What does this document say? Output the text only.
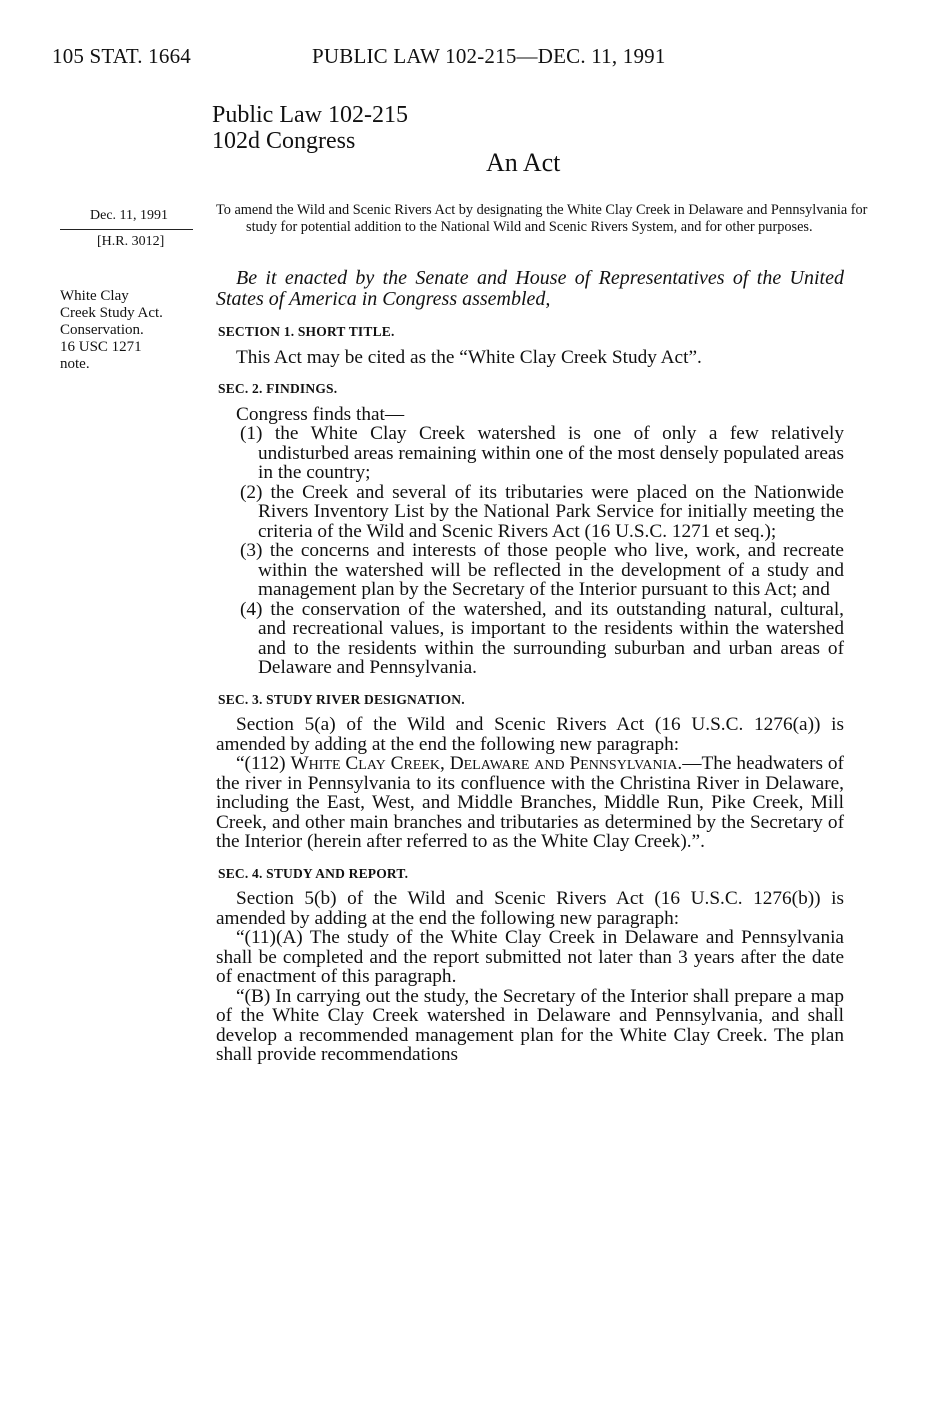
105 STAT. 1664	PUBLIC LAW 102-215—DEC. 11, 1991
Public Law 102-215
102d Congress
An Act
Dec. 11, 1991
[H.R. 3012]
White Clay
Creek Study Act.
Conservation.
16 USC 1271
note.
To amend the Wild and Scenic Rivers Act by designating the White Clay Creek in Delaware and Pennsylvania for study for potential addition to the National Wild and Scenic Rivers System, and for other purposes.

Be it enacted by the Senate and House of Representatives of the United States of America in Congress assembled,

SECTION 1. SHORT TITLE.

This Act may be cited as the “White Clay Creek Study Act”.

SEC. 2. FINDINGS.

Congress finds that—

(1) the White Clay Creek watershed is one of only a few relatively undisturbed areas remaining within one of the most densely populated areas in the country;

(2) the Creek and several of its tributaries were placed on the Nationwide Rivers Inventory List by the National Park Service for initially meeting the criteria of the Wild and Scenic Rivers Act (16 U.S.C. 1271 et seq.);

(3) the concerns and interests of those people who live, work, and recreate within the watershed will be reflected in the development of a study and management plan by the Secretary of the Interior pursuant to this Act; and

(4) the conservation of the watershed, and its outstanding natural, cultural, and recreational values, is important to the residents within the watershed and to the residents within the surrounding suburban and urban areas of Delaware and Pennsylvania.

SEC. 3. STUDY RIVER DESIGNATION.

Section 5(a) of the Wild and Scenic Rivers Act (16 U.S.C. 1276(a)) is amended by adding at the end the following new paragraph:

“(112) White Clay Creek, Delaware and Pennsylvania.—The headwaters of the river in Pennsylvania to its confluence with the Christina River in Delaware, including the East, West, and Middle Branches, Middle Run, Pike Creek, Mill Creek, and other main branches and tributaries as determined by the Secretary of the Interior (herein after referred to as the White Clay Creek).”.

SEC. 4. STUDY AND REPORT.

Section 5(b) of the Wild and Scenic Rivers Act (16 U.S.C. 1276(b)) is amended by adding at the end the following new paragraph:

“(11)(A) The study of the White Clay Creek in Delaware and Pennsylvania shall be completed and the report submitted not later than 3 years after the date of enactment of this paragraph.

“(B) In carrying out the study, the Secretary of the Interior shall prepare a map of the White Clay Creek watershed in Delaware and Pennsylvania, and shall develop a recommended management plan for the White Clay Creek. The plan shall provide recommendations
